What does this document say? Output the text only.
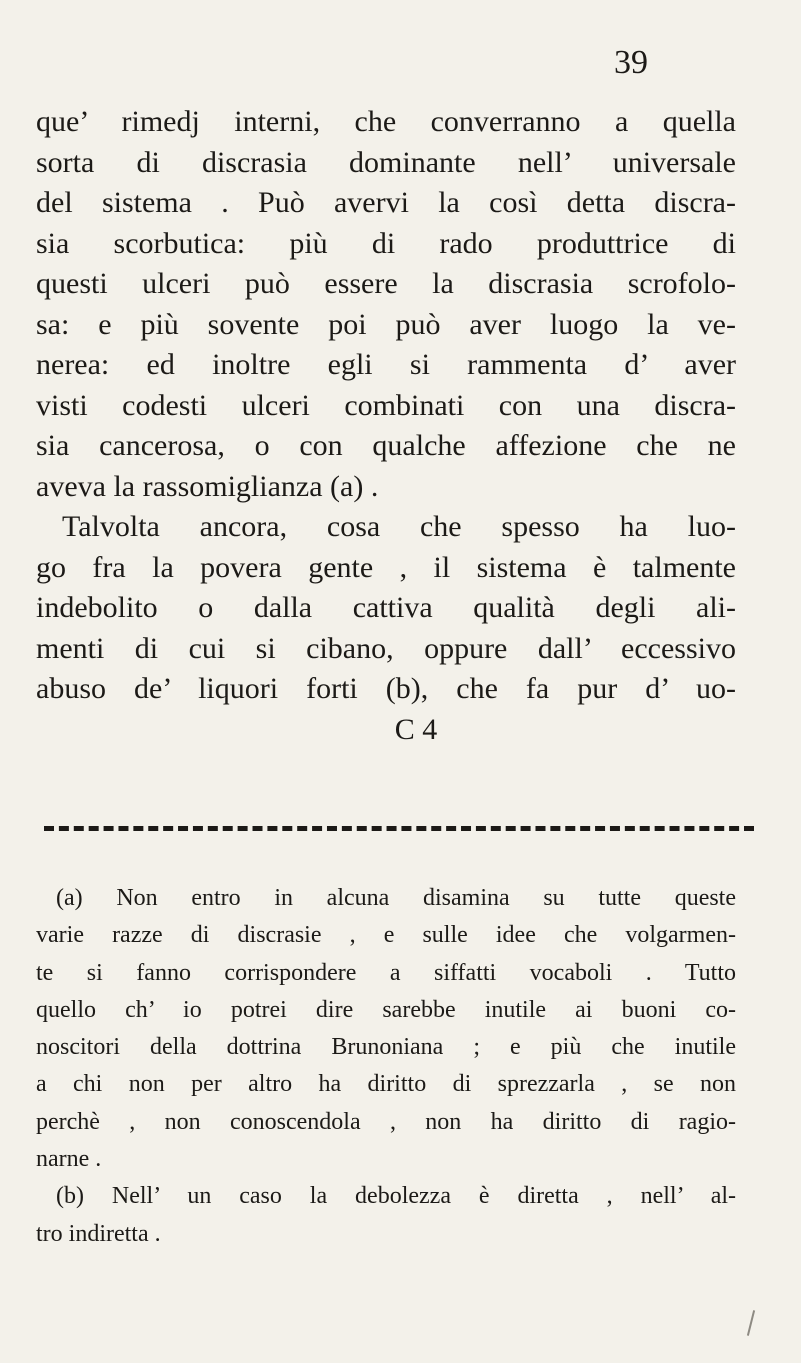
39
que’ rimedj interni, che converranno a quella
sorta di discrasia dominante nell’ universale
del sistema . Può avervi la così detta discra-
sia scorbutica: più di rado produttrice di
questi ulceri può essere la discrasia scrofolo-
sa: e più sovente poi può aver luogo la ve-
nerea: ed inoltre egli si rammenta d’ aver
visti codesti ulceri combinati con una discra-
sia cancerosa, o con qualche affezione che ne
aveva la rassomiglianza (a) .
Talvolta ancora, cosa che spesso ha luo-
go fra la povera gente , il sistema è talmente
indebolito o dalla cattiva qualità degli ali-
menti di cui si cibano, oppure dall’ eccessivo
abuso de’ liquori forti (b), che fa pur d’ uo-
C 4
(a) Non entro in alcuna disamina su tutte queste
varie razze di discrasie , e sulle idee che volgarmen-
te si fanno corrispondere a siffatti vocaboli . Tutto
quello ch’ io potrei dire sarebbe inutile ai buoni co-
noscitori della dottrina Brunoniana ; e più che inutile
a chi non per altro ha diritto di sprezzarla , se non
perchè , non conoscendola , non ha diritto di ragio-
narne .
(b) Nell’ un caso la debolezza è diretta , nell’ al-
tro indiretta .
